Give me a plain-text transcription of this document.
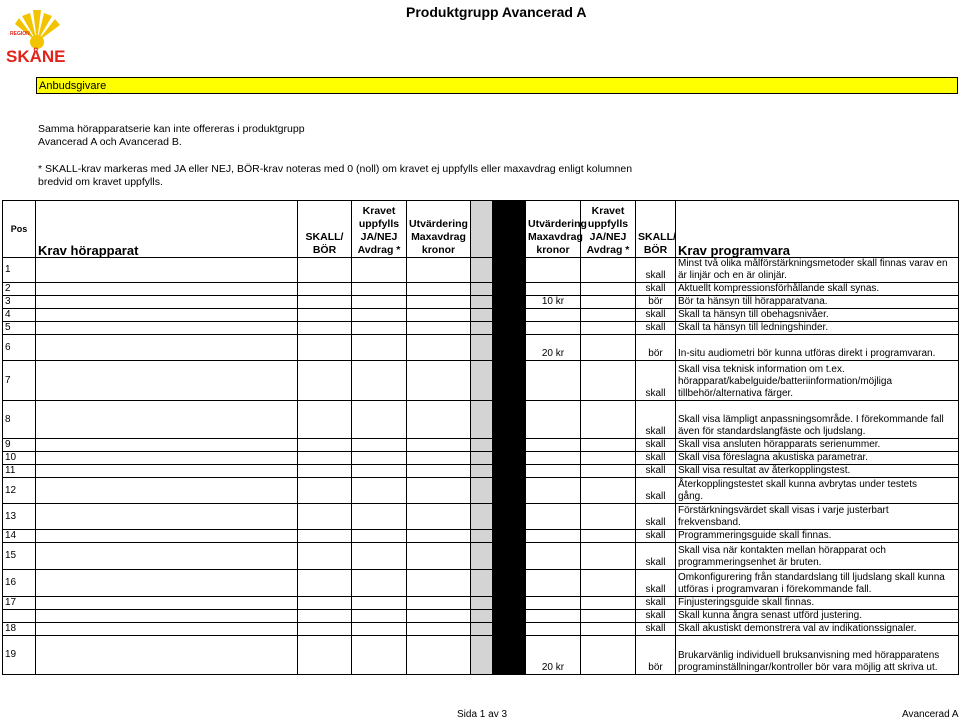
REGION
SKÅNE
Produktgrupp Avancerad A
Anbudsgivare
Samma hörapparatserie kan inte offereras i produktgrupp
Avancerad A och Avancerad B.
* SKALL-krav markeras med JA eller NEJ, BÖR-krav noteras med 0 (noll) om kravet ej uppfylls eller maxavdrag enligt kolumnen
bredvid om kravet uppfylls.
Pos	Krav hörapparat	SKALL/
BÖR	Kravet
uppfylls
JA/NEJ
Avdrag *	Utvärdering
Maxavdrag
kronor			Utvärdering
Maxavdrag
kronor	Kravet
uppfylls
JA/NEJ
Avdrag *	SKALL/
BÖR	Krav programvara
1									skall	Minst två olika målförstärkningsmetoder skall finnas varav en
är linjär och en är olinjär.
2									skall	Aktuellt kompressionsförhållande skall synas.
3							10 kr		bör	Bör ta hänsyn till hörapparatvana.
4									skall	Skall ta hänsyn till obehagsnivåer.
5									skall	Skall ta hänsyn till ledningshinder.
6							20 kr		bör	In-situ audiometri bör kunna utföras direkt i programvaran.
7									skall	Skall visa teknisk information om t.ex.
hörapparat/kabelguide/batteriinformation/möjliga
tillbehör/alternativa färger.
8									skall	Skall visa lämpligt anpassningsområde. I förekommande fall
även för standardslangfäste och ljudslang.
9									skall	Skall visa ansluten hörapparats serienummer.
10									skall	Skall visa föreslagna akustiska parametrar.
11									skall	Skall visa resultat av återkopplingstest.
12									skall	Återkopplingstestet skall kunna avbrytas under testets
gång.
13									skall	Förstärkningsvärdet skall visas i varje justerbart
frekvensband.
14									skall	Programmeringsguide skall finnas.
15									skall	Skall visa när kontakten mellan hörapparat och
programmeringsenhet är bruten.
16									skall	Omkonfigurering från standardslang till ljudslang skall kunna
utföras i programvaran i förekommande fall.
17									skall	Finjusteringsguide skall finnas.
									skall	Skall kunna ångra senast utförd justering.
18									skall	Skall akustiskt demonstrera val av indikationssignaler.
19							20 kr		bör	Brukarvänlig individuell bruksanvisning med hörapparatens
programinställningar/kontroller bör vara möjlig att skriva ut.
Sida 1 av 3	Avancerad A
